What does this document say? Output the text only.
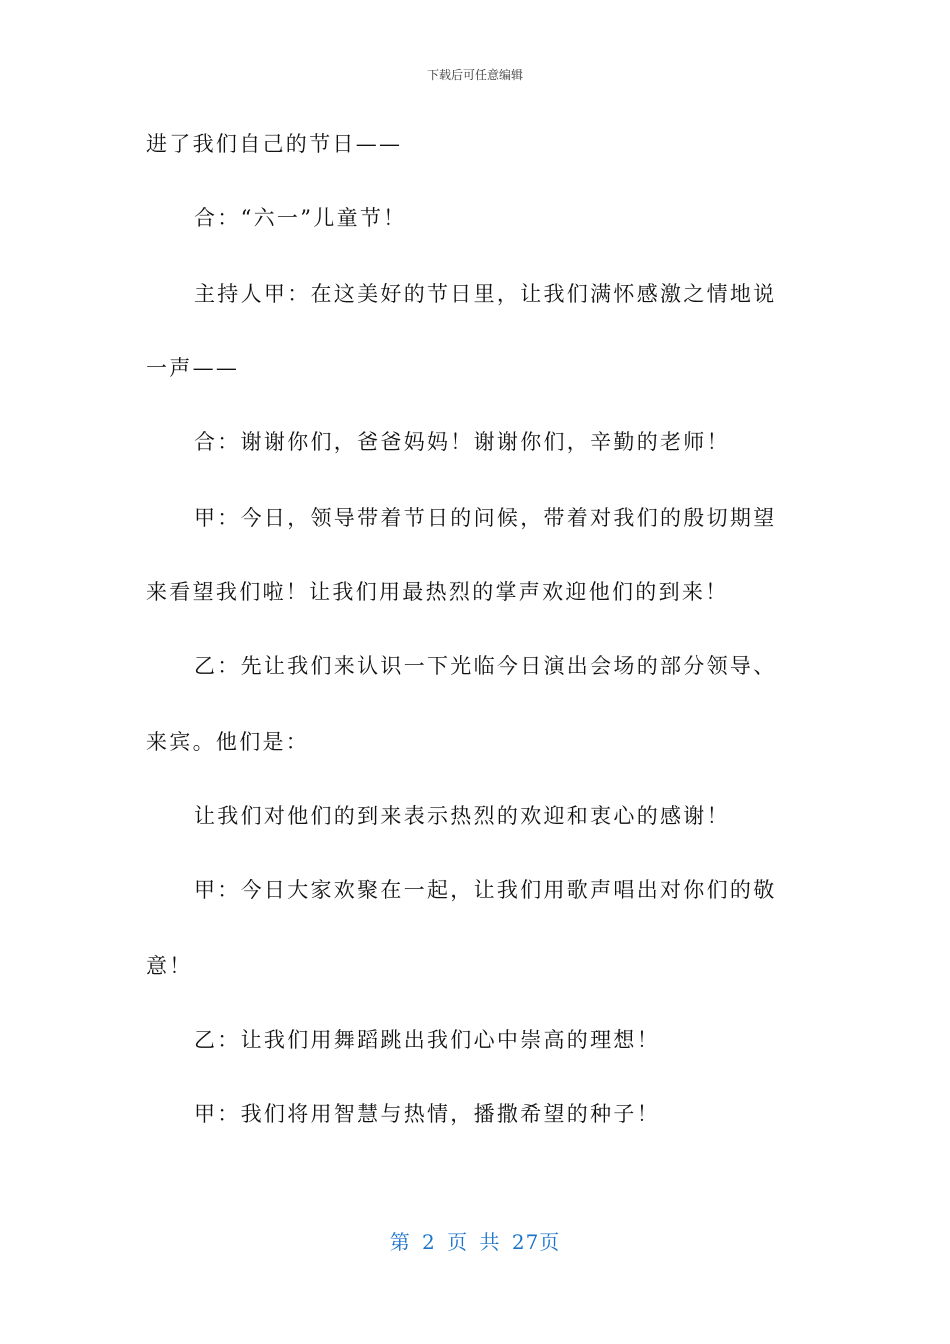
下载后可任意编辑
进了我们自己的节日——
合：“六一”儿童节！
主持人甲：在这美好的节日里，让我们满怀感激之情地说
一声——
合：谢谢你们，爸爸妈妈！谢谢你们，辛勤的老师！
甲：今日，领导带着节日的问候，带着对我们的殷切期望
来看望我们啦！让我们用最热烈的掌声欢迎他们的到来！
乙：先让我们来认识一下光临今日演出会场的部分领导、
来宾。他们是：
让我们对他们的到来表示热烈的欢迎和衷心的感谢！
甲：今日大家欢聚在一起，让我们用歌声唱出对你们的敬
意！
乙：让我们用舞蹈跳出我们心中崇高的理想！
甲：我们将用智慧与热情，播撒希望的种子！
第 2 页 共 27页
